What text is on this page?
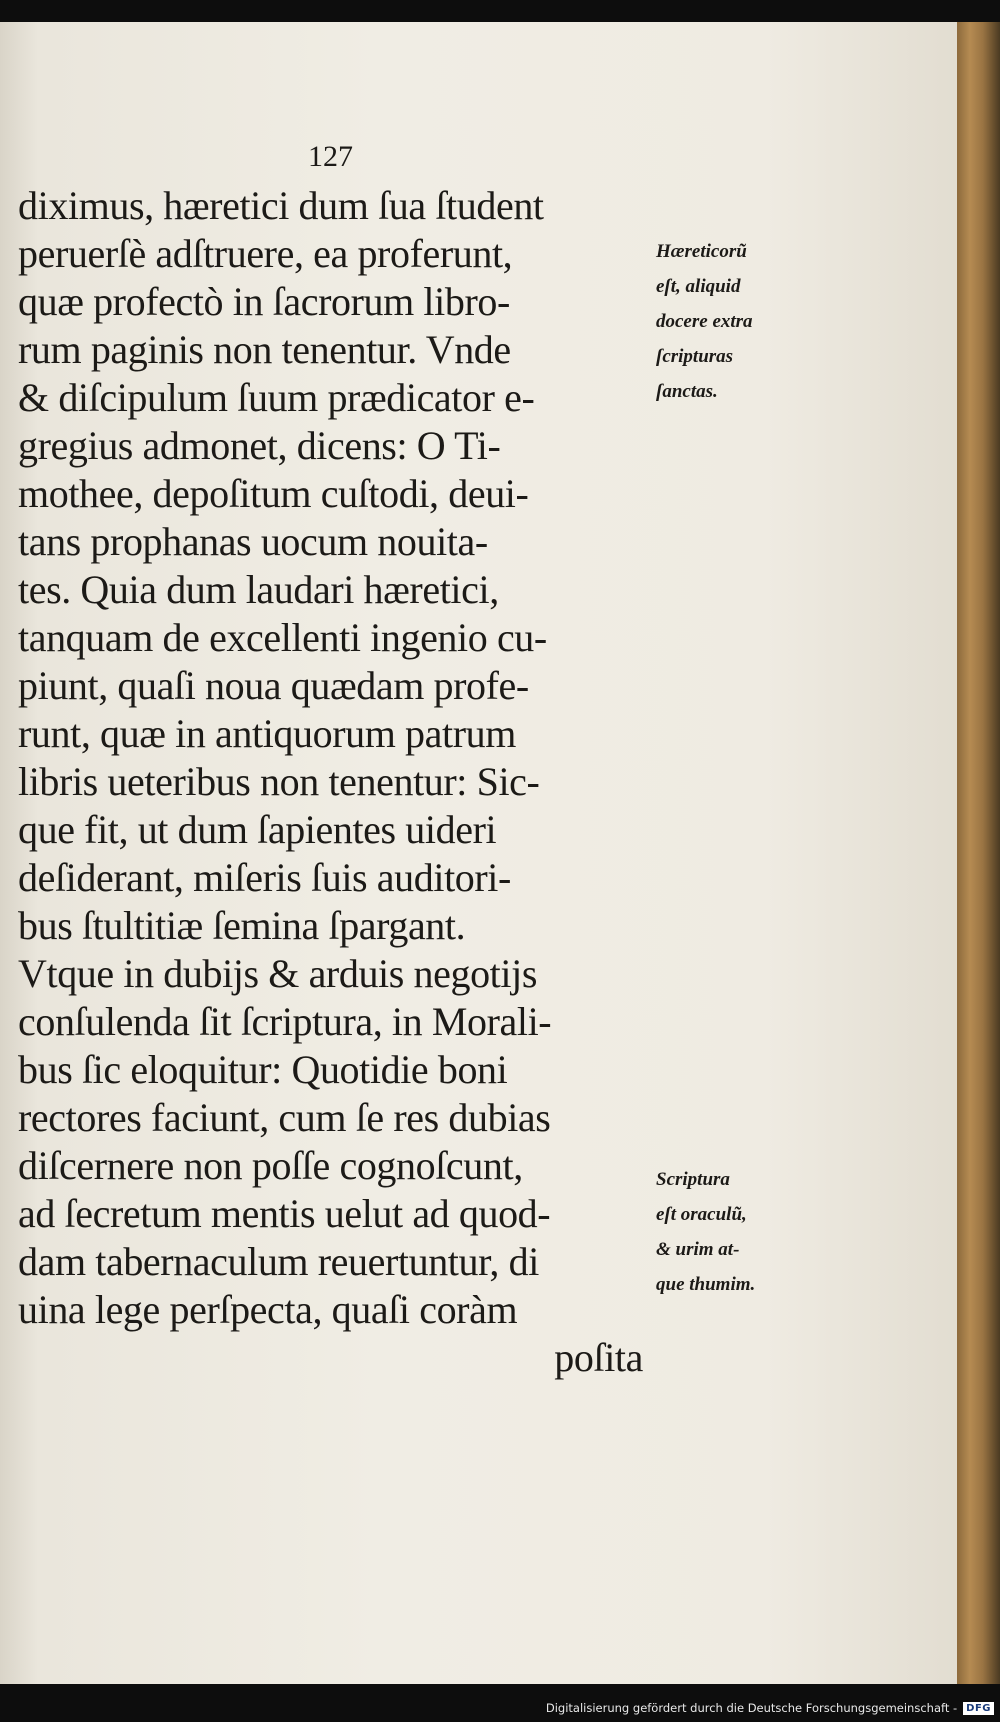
127
diximus, hæretici dum ſua ſtudent
peruerſè adſtruere, ea proferunt,
quæ profectò in ſacrorum libro-
rum paginis non tenentur. Vnde
& diſcipulum ſuum prædicator e-
gregius admonet, dicens: O Ti-
mothee, depoſitum cuſtodi, deui-
tans prophanas uocum nouita-
tes. Quia dum laudari hæretici,
tanquam de excellenti ingenio cu-
piunt, quaſi noua quædam profe-
runt, quæ in antiquorum patrum
libris ueteribus non tenentur: Sic-
que fit, ut dum ſapientes uideri
deſiderant, miſeris ſuis auditori-
bus ſtultitiæ ſemina ſpargant.
Vtque in dubijs & arduis negotijs
conſulenda ſit ſcriptura, in Morali-
bus ſic eloquitur: Quotidie boni
rectores faciunt, cum ſe res dubias
diſcernere non poſſe cognoſcunt,
ad ſecretum mentis uelut ad quod-
dam tabernaculum reuertuntur, di
uina lege perſpecta, quaſi coràm
poſita
Hæreticorũ
eſt, aliquid
docere extra
ſcripturas
ſanctas.
Scriptura
eſt oraculũ,
& urim at-
que thumim.
Digitalisierung gefördert durch die Deutsche Forschungsgemeinschaft - DFG
